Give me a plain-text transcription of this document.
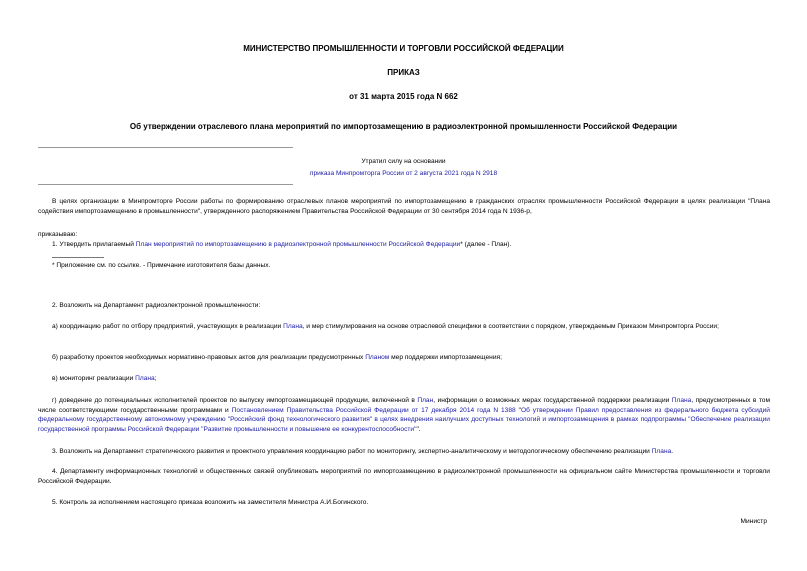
МИНИСТЕРСТВО ПРОМЫШЛЕННОСТИ И ТОРГОВЛИ РОССИЙСКОЙ ФЕДЕРАЦИИ
ПРИКАЗ
от 31 марта 2015 года N 662
Об утверждении отраслевого плана мероприятий по импортозамещению в радиоэлектронной промышленности Российской Федерации
Утратил силу на основании
приказа Минпромторга России от 2 августа 2021 года N 2918
В целях организации в Минпромторге России работы по формированию отраслевых планов мероприятий по импортозамещению в гражданских отраслях промышленности Российской Федерации в целях реализации "Плана содействия импортозамещению в промышленности", утвержденного распоряжением Правительства Российской Федерации от 30 сентября 2014 года N 1936-р,
приказываю:
1. Утвердить прилагаемый План мероприятий по импортозамещению в радиоэлектронной промышленности Российской Федерации* (далее - План).
* Приложение см. по ссылке. - Примечание изготовителя базы данных.
2. Возложить на Департамент радиоэлектронной промышленности:
а) координацию работ по отбору предприятий, участвующих в реализации Плана, и мер стимулирования на основе отраслевой специфики в соответствии с порядком, утверждаемым Приказом Минпромторга России;
б) разработку проектов необходимых нормативно-правовых актов для реализации предусмотренных Планом мер поддержки импортозамещения;
в) мониторинг реализации Плана;
г) доведение до потенциальных исполнителей проектов по выпуску импортозамещающей продукции, включенной в План, информации о возможных мерах государственной поддержки реализации Плана, предусмотренных в том числе соответствующими государственными программами и Постановлением Правительства Российской Федерации от 17 декабря 2014 года N 1388 "Об утверждении Правил предоставления из федерального бюджета субсидий федеральному государственному автономному учреждению "Российский фонд технологического развития" в целях внедрения наилучших доступных технологий и импортозамещения в рамках подпрограммы "Обеспечение реализации государственной программы Российской Федерации "Развитие промышленности и повышение ее конкурентоспособности"".
3. Возложить на Департамент стратегического развития и проектного управления координацию работ по мониторингу, экспертно-аналитическому и методологическому обеспечению реализации Плана.
4. Департаменту информационных технологий и общественных связей опубликовать мероприятий по импортозамещению в радиоэлектронной промышленности на официальном сайте Министерства промышленности и торговли Российской Федерации.
5. Контроль за исполнением настоящего приказа возложить на заместителя Министра А.И.Богинского.
Министр
